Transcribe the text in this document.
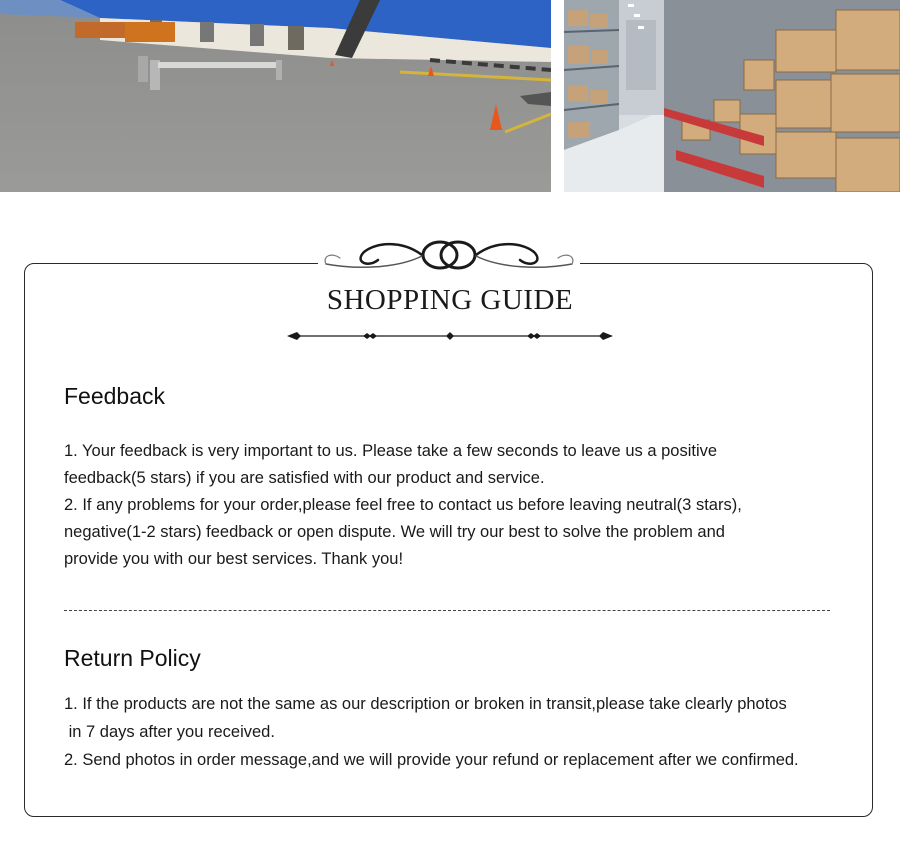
SHOPPING GUIDE
Feedback

1. Your feedback is very important to us. Please take a few seconds to leave us a positive

feedback(5 stars) if you are satisfied with our product and service.

2. If any problems for your order,please feel free to contact us before leaving neutral(3 stars),

negative(1-2 stars) feedback or open dispute. We will try our best to solve the problem and

provide you with our best services. Thank you!

Return Policy

1. If the products are not the same as our description or broken in transit,please take clearly photos

in 7 days after you received.

2. Send photos in order message,and we will provide your refund or replacement after we confirmed.
